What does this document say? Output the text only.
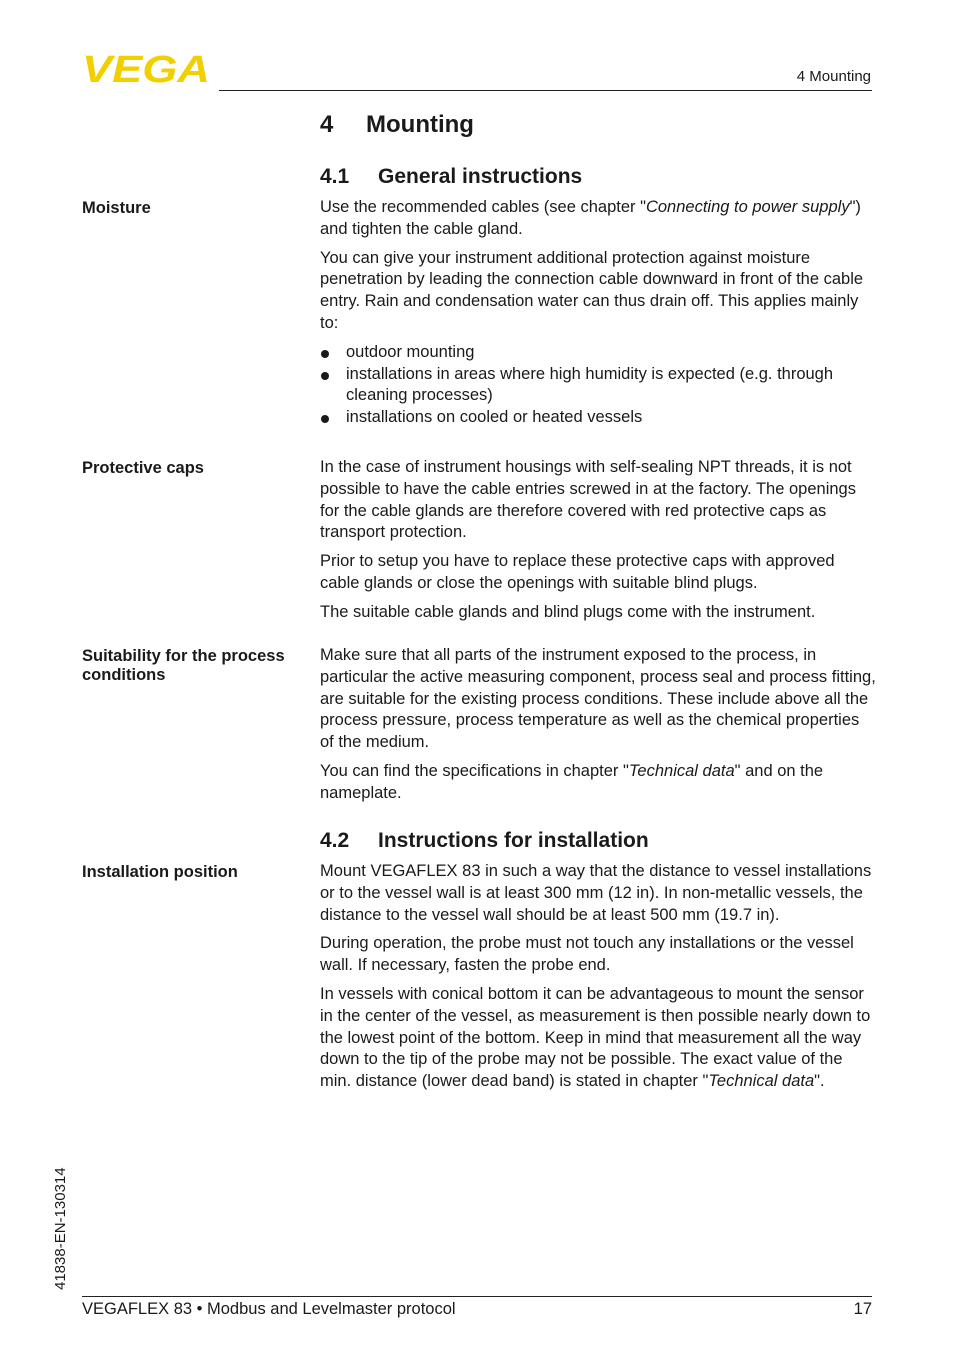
VEGA	4 Mounting
4 Mounting
4.1 General instructions
Moisture	Use the recommended cables (see chapter "Connecting to power supply") and tighten the cable gland.

You can give your instrument additional protection against moisture penetration by leading the connection cable downward in front of the cable entry. Rain and condensation water can thus drain off. This applies mainly to:

outdoor mounting
installations in areas where high humidity is expected (e.g. through cleaning processes)
installations on cooled or heated vessels
Protective caps	In the case of instrument housings with self-sealing NPT threads, it is not possible to have the cable entries screwed in at the factory. The openings for the cable glands are therefore covered with red protective caps as transport protection.

Prior to setup you have to replace these protective caps with approved cable glands or close the openings with suitable blind plugs.

The suitable cable glands and blind plugs come with the instrument.

Suitability for the process conditions

Make sure that all parts of the instrument exposed to the process, in particular the active measuring component, process seal and process fitting, are suitable for the existing process conditions. These include above all the process pressure, process temperature as well as the chemical properties of the medium.

You can find the specifications in chapter "Technical data" and on the nameplate.

4.2 Instructions for installation
Installation position	Mount VEGAFLEX 83 in such a way that the distance to vessel installations or to the vessel wall is at least 300 mm (12 in). In non-metallic vessels, the distance to the vessel wall should be at least 500 mm (19.7 in).

During operation, the probe must not touch any installations or the vessel wall. If necessary, fasten the probe end.

In vessels with conical bottom it can be advantageous to mount the sensor in the center of the vessel, as measurement is then possible nearly down to the lowest point of the bottom. Keep in mind that measurement all the way down to the tip of the probe may not be possible. The exact value of the min. distance (lower dead band) is stated in chapter "Technical data".

41838-EN-130314
VEGAFLEX 83 • Modbus and Levelmaster protocol	17
